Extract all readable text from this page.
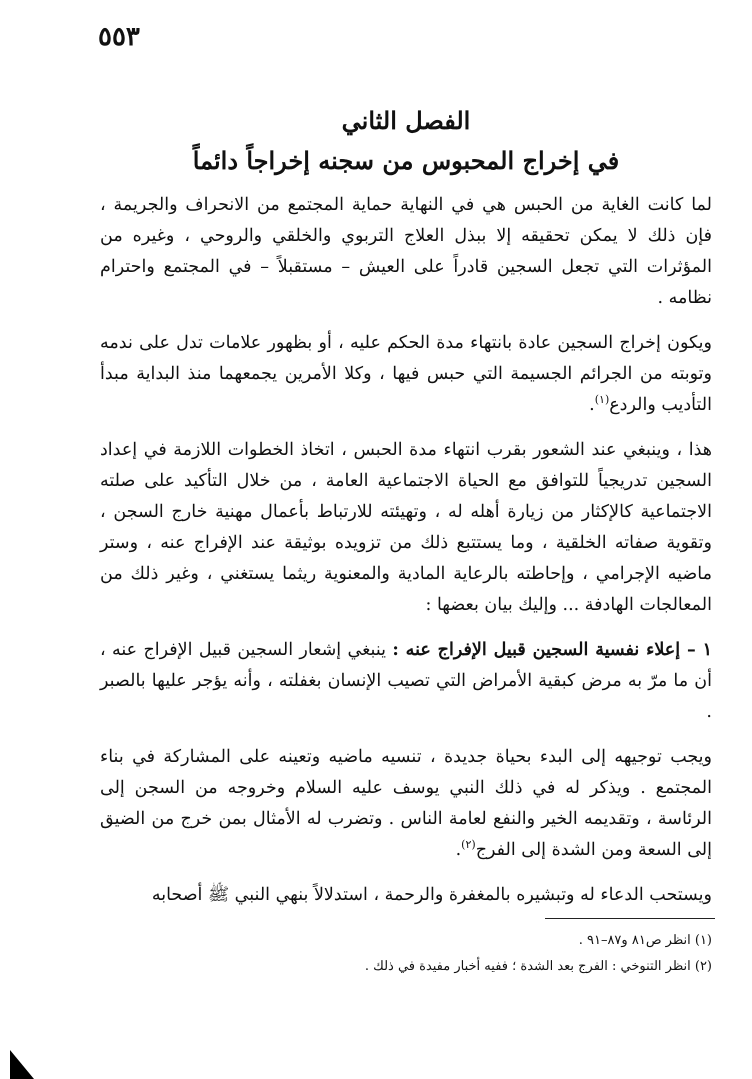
٥٥٣
الفصل الثاني
في إخراج المحبوس من سجنه إخراجاً دائماً

لما كانت الغاية من الحبس هي في النهاية حماية المجتمع من الانحراف والجريمة ، فإن ذلك لا يمكن تحقيقه إلا ببذل العلاج التربوي والخلقي والروحي ، وغيره من المؤثرات التي تجعل السجين قادراً على العيش – مستقبلاً – في المجتمع واحترام نظامه .

ويكون إخراج السجين عادة بانتهاء مدة الحكم عليه ، أو بظهور علامات تدل على ندمه وتوبته من الجرائم الجسيمة التي حبس فيها ، وكلا الأمرين يجمعهما منذ البداية مبدأ التأديب والردع$^{(١)}$.

هذا ، وينبغي عند الشعور بقرب انتهاء مدة الحبس ، اتخاذ الخطوات اللازمة في إعداد السجين تدريجياً للتوافق مع الحياة الاجتماعية العامة ، من خلال التأكيد على صلته الاجتماعية كالإكثار من زيارة أهله له ، وتهيئته للارتباط بأعمال مهنية خارج السجن ، وتقوية صفاته الخلقية ، وما يستتبع ذلك من تزويده بوثيقة عند الإفراج عنه ، وستر ماضيه الإجرامي ، وإحاطته بالرعاية المادية والمعنوية ريثما يستغني ، وغير ذلك من المعالجات الهادفة ... وإليك بيان بعضها :

١ – إعلاء نفسية السجين قبيل الإفراج عنه : ينبغي إشعار السجين قبيل الإفراج عنه ، أن ما مرّ به مرض كبقية الأمراض التي تصيب الإنسان بغفلته ، وأنه يؤجر عليها بالصبر .

ويجب توجيهه إلى البدء بحياة جديدة ، تنسيه ماضيه وتعينه على المشاركة في بناء المجتمع . ويذكر له في ذلك النبي يوسف عليه السلام وخروجه من السجن إلى الرئاسة ، وتقديمه الخير والنفع لعامة الناس . وتضرب له الأمثال بمن خرج من الضيق إلى السعة ومن الشدة إلى الفرج$^{(٢)}$.

ويستحب الدعاء له وتبشيره بالمغفرة والرحمة ، استدلالاً بنهي النبي ﷺ أصحابه

(١) انظر ص٨١ و٨٧–٩١ .

(٢) انظر التنوخي : الفرج بعد الشدة ؛ ففيه أخبار مفيدة في ذلك .
